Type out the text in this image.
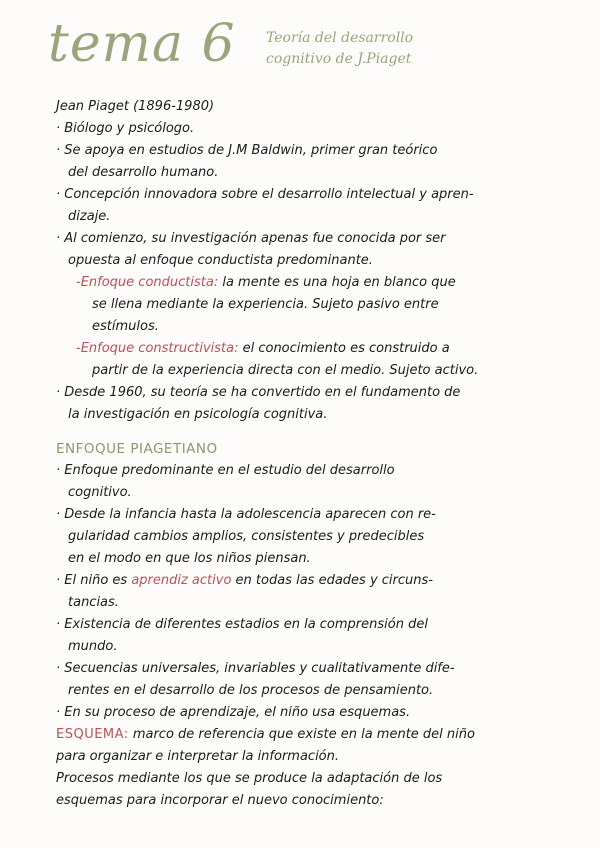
tema 6 Teoría del desarrollo
cognitivo de J.Piaget
Jean Piaget (1896-1980)
· Biólogo y psicólogo.
· Se apoya en estudios de J.M Baldwin, primer gran teórico
del desarrollo humano.
· Concepción innovadora sobre el desarrollo intelectual y apren-
dizaje.
· Al comienzo, su investigación apenas fue conocida por ser
opuesta al enfoque conductista predominante.
-Enfoque conductista: la mente es una hoja en blanco que
se llena mediante la experiencia. Sujeto pasivo entre
estímulos.
-Enfoque constructivista: el conocimiento es construido a
partir de la experiencia directa con el medio. Sujeto activo.
· Desde 1960, su teoría se ha convertido en el fundamento de
la investigación en psicología cognitiva.
ENFOQUE PIAGETIANO
· Enfoque predominante en el estudio del desarrollo
cognitivo.
· Desde la infancia hasta la adolescencia aparecen con re-
gularidad cambios amplios, consistentes y predecibles
en el modo en que los niños piensan.
· El niño es aprendiz activo en todas las edades y circuns-
tancias.
· Existencia de diferentes estadios en la comprensión del
mundo.
· Secuencias universales, invariables y cualitativamente dife-
rentes en el desarrollo de los procesos de pensamiento.
· En su proceso de aprendizaje, el niño usa esquemas.
ESQUEMA: marco de referencia que existe en la mente del niño
para organizar e interpretar la información.
Procesos mediante los que se produce la adaptación de los
esquemas para incorporar el nuevo conocimiento:
